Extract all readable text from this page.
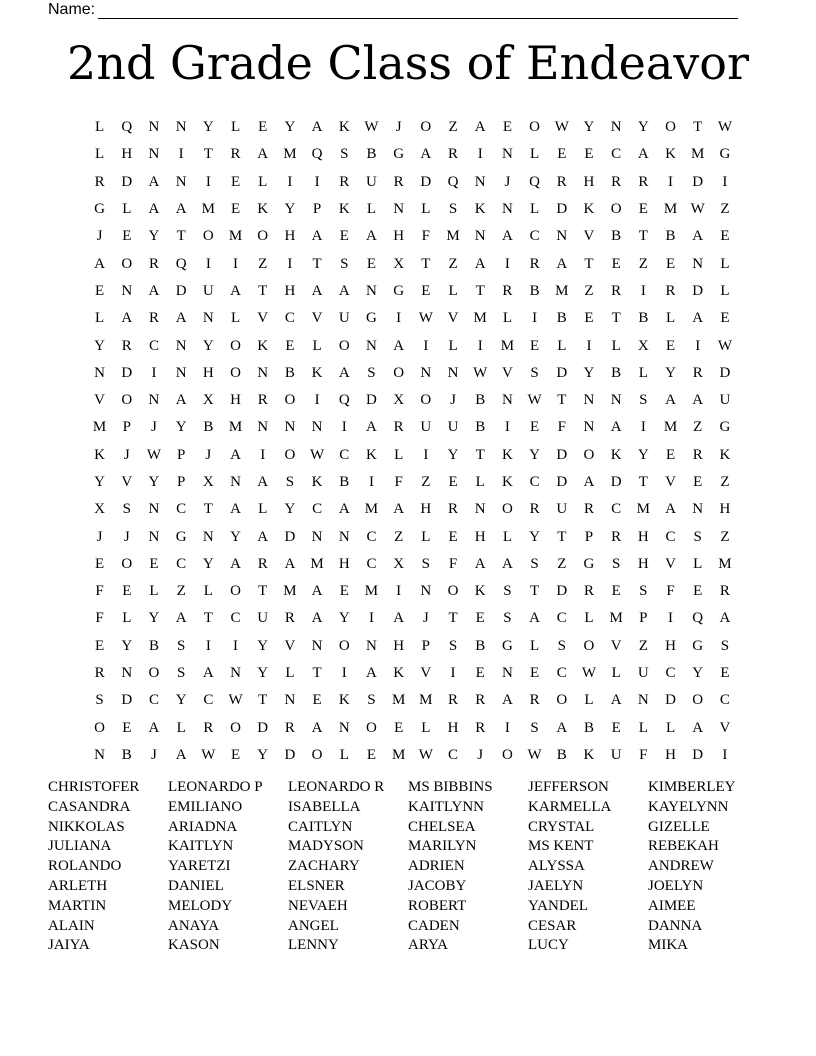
Name:
2nd Grade Class of Endeavor
L	Q	N	N	Y	L	E	Y	A	K W	J	O	Z	A	E	O W Y	N	Y	O	T	W
L	H	N	I	T	R	A	M	Q	S	B	G	A	R	I	N	L	E	E	C	A	K	M	G
R	D	A	N	I	E	L	I	I	R	U	R	D	Q	N	J	Q	R	H	R	R	I	D	I
G	L	A	A	M	E	K	Y	P	K	L	N	L	S	K	N	L	D	K	O	E	M W	Z
J	E	Y	T	O	M	O	H	A	E	A	H	F	M	N	A	C	N	V	B	T	B	A	E
A	O	R	Q	I	I	Z	I	T	S	E	X	T	Z	A	I	R	A	T	E	Z	E	N	L
E	N	A	D	U	A	T	H	A	A	N	G	E	L	T	R	B	M	Z	R	I	R	D	L
L	A	R	A	N	L	V	C	V	U	G	I	W V	M	L	I	B	E	T	B	L	A	E
Y	R	C	N	Y	O	K	E	L	O	N	A	I	L	I	M	E	L	I	L	X	E	I	W
N	D	I	N	H	O	N	B	K	A	S	O	N	N W V	S	D	Y	B	L	Y	R	D
V	O	N	A	X	H	R	O	I	Q	D	X	O	J	B	N W	T	N	N	S	A	A	U
M	P	J	Y	B	M	N	N	N	I	A	R	U	U	B	I	E	F	N	A	I	M	Z	G
K	J	W	P	J	A	I	O W	C	K	L	I	Y	T	K	Y	D	O	K	Y	E	R	K
Y	V	Y	P	X	N	A	S	K	B	I	F	Z	E	L	K	C	D	A	D	T	V	E	Z
X	S	N	C	T	A	L	Y	C	A	M	A	H	R	N	O	R	U	R	C	M	A	N	H
J	J	N	G	N	Y	A	D	N	N	C	Z	L	E	H	L	Y	T	P	R	H	C	S	Z
E	O	E	C	Y	A	R	A	M	H	C	X	S	F	A	A	S	Z	G	S	H	V	L	M
F	E	L	Z	L	O	T	M	A	E	M	I	N	O	K	S	T	D	R	E	S	F	E	R
F	L	Y	A	T	C	U	R	A	Y	I	A	J	T	E	S	A	C	L	M	P	I	Q	A
E	Y	B	S	I	I	Y	V	N	O	N	H	P	S	B	G	L	S	O	V	Z	H	G	S
R	N	O	S	A	N	Y	L	T	I	A	K	V	I	E	N	E	C	W	L	U	C	Y	E
S	D	C	Y	C	W	T	N	E	K	S	M M	R	R	A	R	O	L	A	N	D	O	C
O	E	A	L	R	O	D	R	A	N	O	E	L	H	R	I	S	A	B	E	L	L	A	V
N	B	J	A W	E	Y	D	O	L	E	M W	C	J	O W	B	K	U	F	H	D	I
CHRISTOFER	LEONARDO P	LEONARDO R	MS BIBBINS	JEFFERSON	KIMBERLEY
CASANDRA	EMILIANO	ISABELLA	KAITLYNN	KARMELLA	KAYELYNN
NIKKOLAS	ARIADNA	CAITLYN	CHELSEA	CRYSTAL	GIZELLE
JULIANA	KAITLYN	MADYSON	MARILYN	MS KENT	REBEKAH
ROLANDO	YARETZI	ZACHARY	ADRIEN	ALYSSA	ANDREW
ARLETH	DANIEL	ELSNER	JACOBY	JAELYN	JOELYN
MARTIN	MELODY	NEVAEH	ROBERT	YANDEL	AIMEE
ALAIN	ANAYA	ANGEL	CADEN	CESAR	DANNA
JAIYA	KASON	LENNY	ARYA	LUCY	MIKA
